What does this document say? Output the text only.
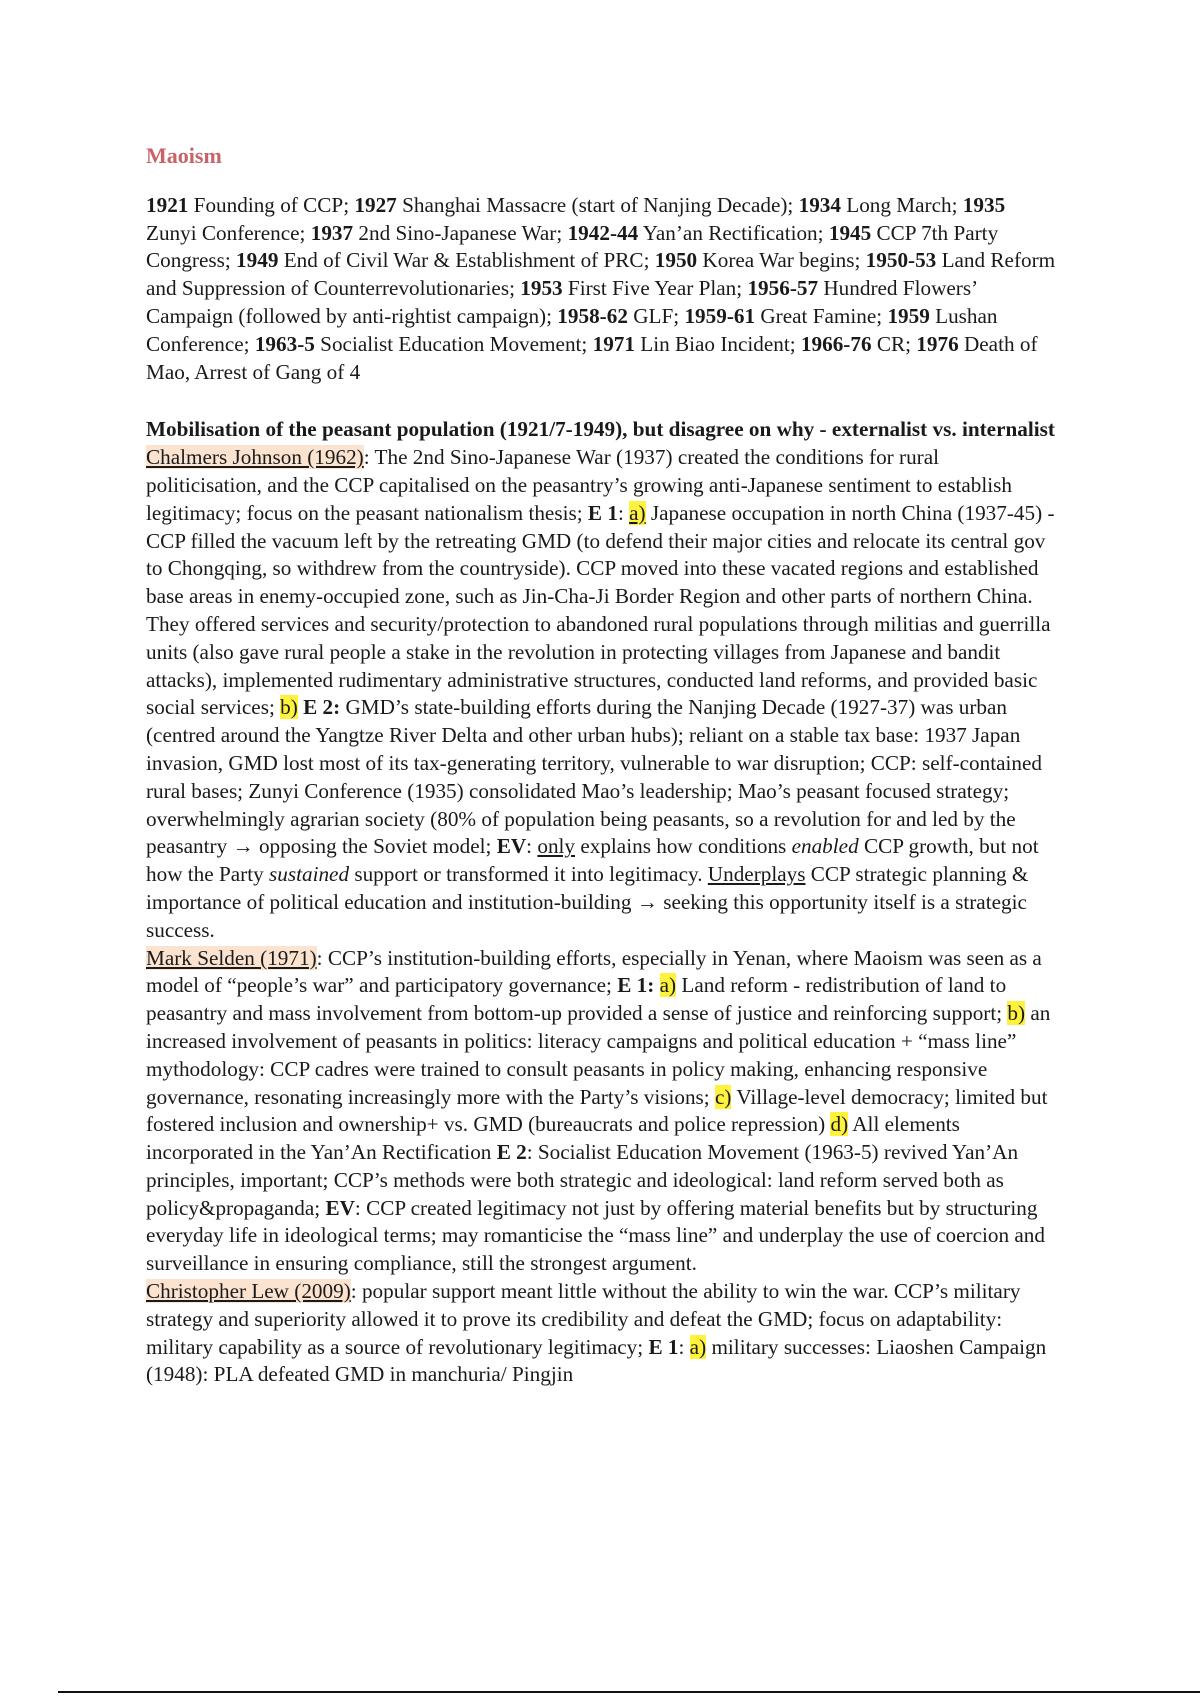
Maoism

1921 Founding of CCP; 1927 Shanghai Massacre (start of Nanjing Decade); 1934 Long March; 1935 Zunyi Conference; 1937 2nd Sino-Japanese War; 1942-44 Yan’an Rectification; 1945 CCP 7th Party Congress; 1949 End of Civil War & Establishment of PRC; 1950 Korea War begins; 1950-53 Land Reform and Suppression of Counterrevolutionaries; 1953 First Five Year Plan; 1956-57 Hundred Flowers’ Campaign (followed by anti-rightist campaign); 1958-62 GLF; 1959-61 Great Famine; 1959 Lushan Conference; 1963-5 Socialist Education Movement; 1971 Lin Biao Incident; 1966-76 CR; 1976 Death of Mao, Arrest of Gang of 4

Mobilisation of the peasant population (1921/7-1949), but disagree on why - externalist vs. internalist

Chalmers Johnson (1962): The 2nd Sino-Japanese War (1937) created the conditions for rural politicisation, and the CCP capitalised on the peasantry’s growing anti-Japanese sentiment to establish legitimacy; focus on the peasant nationalism thesis; E 1: a) Japanese occupation in north China (1937-45) - CCP filled the vacuum left by the retreating GMD (to defend their major cities and relocate its central gov to Chongqing, so withdrew from the countryside). CCP moved into these vacated regions and established base areas in enemy-occupied zone, such as Jin-Cha-Ji Border Region and other parts of northern China. They offered services and security/protection to abandoned rural populations through militias and guerrilla units (also gave rural people a stake in the revolution in protecting villages from Japanese and bandit attacks), implemented rudimentary administrative structures, conducted land reforms, and provided basic social services; b) E 2: GMD’s state-building efforts during the Nanjing Decade (1927-37) was urban (centred around the Yangtze River Delta and other urban hubs); reliant on a stable tax base: 1937 Japan invasion, GMD lost most of its tax-generating territory, vulnerable to war disruption; CCP: self-contained rural bases; Zunyi Conference (1935) consolidated Mao’s leadership; Mao’s peasant focused strategy; overwhelmingly agrarian society (80% of population being peasants, so a revolution for and led by the peasantry → opposing the Soviet model; EV: only explains how conditions enabled CCP growth, but not how the Party sustained support or transformed it into legitimacy. Underplays CCP strategic planning & importance of political education and institution-building → seeking this opportunity itself is a strategic success.

Mark Selden (1971): CCP’s institution-building efforts, especially in Yenan, where Maoism was seen as a model of “people’s war” and participatory governance; E 1: a) Land reform - redistribution of land to peasantry and mass involvement from bottom-up provided a sense of justice and reinforcing support; b) an increased involvement of peasants in politics: literacy campaigns and political education + “mass line” mythodology: CCP cadres were trained to consult peasants in policy making, enhancing responsive governance, resonating increasingly more with the Party’s visions; c) Village-level democracy; limited but fostered inclusion and ownership+ vs. GMD (bureaucrats and police repression) d) All elements incorporated in the Yan’An Rectification E 2: Socialist Education Movement (1963-5) revived Yan’An principles, important; CCP’s methods were both strategic and ideological: land reform served both as policy&propaganda; EV: CCP created legitimacy not just by offering material benefits but by structuring everyday life in ideological terms; may romanticise the “mass line” and underplay the use of coercion and surveillance in ensuring compliance, still the strongest argument.

Christopher Lew (2009): popular support meant little without the ability to win the war. CCP’s military strategy and superiority allowed it to prove its credibility and defeat the GMD; focus on adaptability: military capability as a source of revolutionary legitimacy; E 1: a) military successes: Liaoshen Campaign (1948): PLA defeated GMD in manchuria/ Pingjin
